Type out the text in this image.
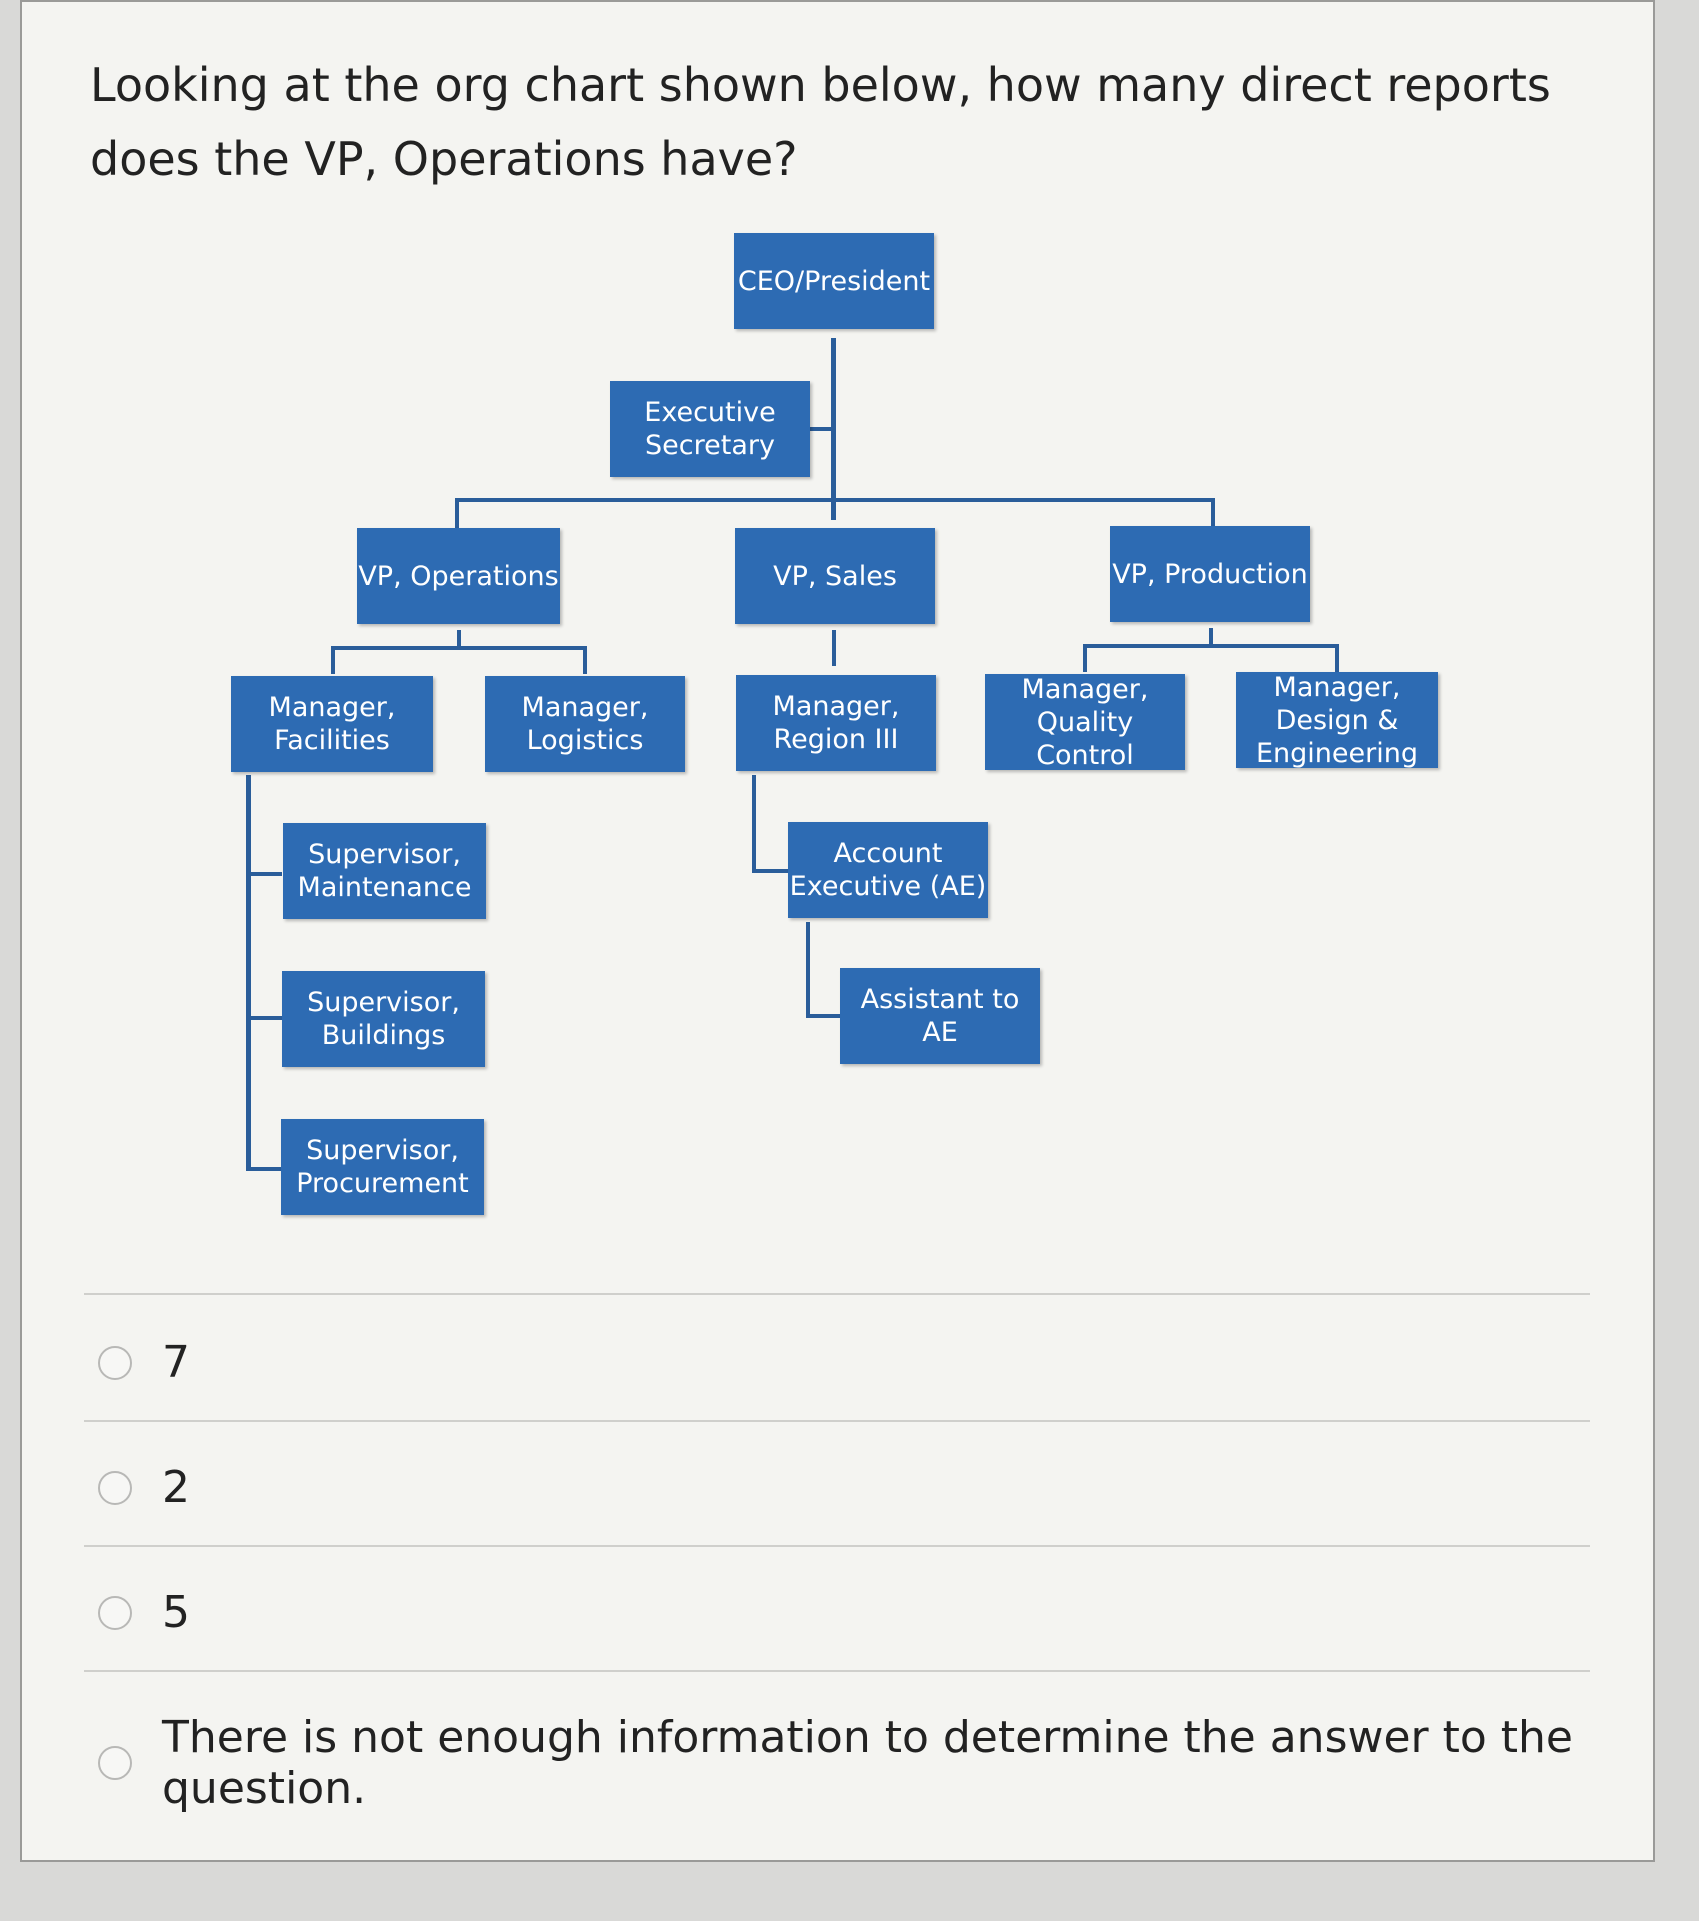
Looking at the org chart shown below, how many direct reports does the VP, Operations have?
CEO/President
Executive
Secretary
VP, Operations	VP, Sales	VP, Production
Manager,
Facilities
Manager,
Logistics
Manager,
Region III
Manager,
Quality Control
Manager,
Design &
Engineering
Supervisor,
Maintenance
Supervisor,
Buildings
Supervisor,
Procurement
Account
Executive (AE)
Assistant to AE
7
2
5
There is not enough information to determine the answer to the question.
